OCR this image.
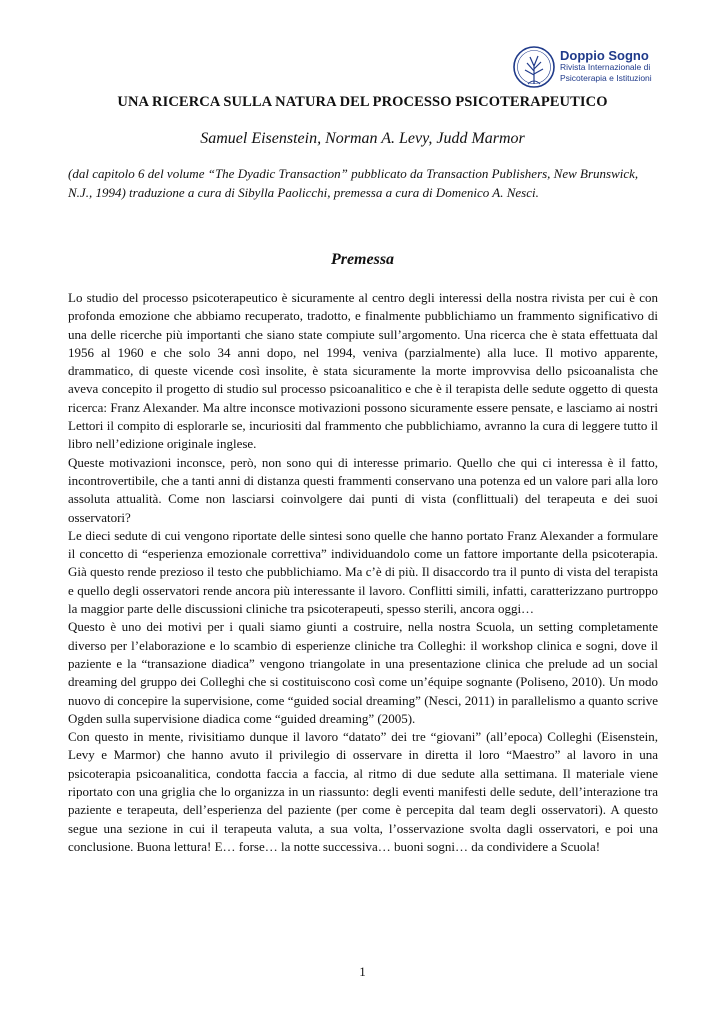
Doppio Sogno
Rivista Internazionale di
Psicoterapia e Istituzioni
UNA RICERCA SULLA NATURA DEL PROCESSO PSICOTERAPEUTICO
Samuel Eisenstein, Norman A. Levy, Judd Marmor

(dal capitolo 6 del volume “The Dyadic Transaction” pubblicato da Transaction Publishers, New Brunswick, N.J., 1994) traduzione a cura di Sibylla Paolicchi, premessa a cura di Domenico A. Nesci.

Premessa

Lo studio del processo psicoterapeutico è sicuramente al centro degli interessi della nostra rivista per cui è con profonda emozione che abbiamo recuperato, tradotto, e finalmente pubblichiamo un frammento significativo di una delle ricerche più importanti che siano state compiute sull’argomento. Una ricerca che è stata effettuata dal 1956 al 1960 e che solo 34 anni dopo, nel 1994, veniva (parzialmente) alla luce. Il motivo apparente, drammatico, di queste vicende così insolite, è stata sicuramente la morte improvvisa dello psicoanalista che aveva concepito il progetto di studio sul processo psicoanalitico e che è il terapista delle sedute oggetto di questa ricerca: Franz Alexander. Ma altre inconsce motivazioni possono sicuramente essere pensate, e lasciamo ai nostri Lettori il compito di esplorarle se, incuriositi dal frammento che pubblichiamo, avranno la cura di leggere tutto il libro nell’edizione originale inglese.

Queste motivazioni inconsce, però, non sono qui di interesse primario. Quello che qui ci interessa è il fatto, incontrovertibile, che a tanti anni di distanza questi frammenti conservano una potenza ed un valore pari alla loro assoluta attualità. Come non lasciarsi coinvolgere dai punti di vista (conflittuali) del terapeuta e dei suoi osservatori?

Le dieci sedute di cui vengono riportate delle sintesi sono quelle che hanno portato Franz Alexander a formulare il concetto di “esperienza emozionale correttiva” individuandolo come un fattore importante della psicoterapia. Già questo rende prezioso il testo che pubblichiamo. Ma c’è di più. Il disaccordo tra il punto di vista del terapista e quello degli osservatori rende ancora più interessante il lavoro. Conflitti simili, infatti, caratterizzano purtroppo la maggior parte delle discussioni cliniche tra psicoterapeuti, spesso sterili, ancora oggi…

Questo è uno dei motivi per i quali siamo giunti a costruire, nella nostra Scuola, un setting completamente diverso per l’elaborazione e lo scambio di esperienze cliniche tra Colleghi: il workshop clinica e sogni, dove il paziente e la “transazione diadica” vengono triangolate in una presentazione clinica che prelude ad un social dreaming del gruppo dei Colleghi che si costituiscono così come un’équipe sognante (Poliseno, 2010). Un modo nuovo di concepire la supervisione, come “guided social dreaming” (Nesci, 2011) in parallelismo a quanto scrive Ogden sulla supervisione diadica come “guided dreaming” (2005).

Con questo in mente, rivisitiamo dunque il lavoro “datato” dei tre “giovani” (all’epoca) Colleghi (Eisenstein, Levy e Marmor) che hanno avuto il privilegio di osservare in diretta il loro “Maestro” al lavoro in una psicoterapia psicoanalitica, condotta faccia a faccia, al ritmo di due sedute alla settimana. Il materiale viene riportato con una griglia che lo organizza in un riassunto: degli eventi manifesti delle sedute, dell’interazione tra paziente e terapeuta, dell’esperienza del paziente (per come è percepita dal team degli osservatori). A questo segue una sezione in cui il terapeuta valuta, a sua volta, l’osservazione svolta dagli osservatori, e poi una conclusione. Buona lettura! E… forse… la notte successiva… buoni sogni… da condividere a Scuola!

1
